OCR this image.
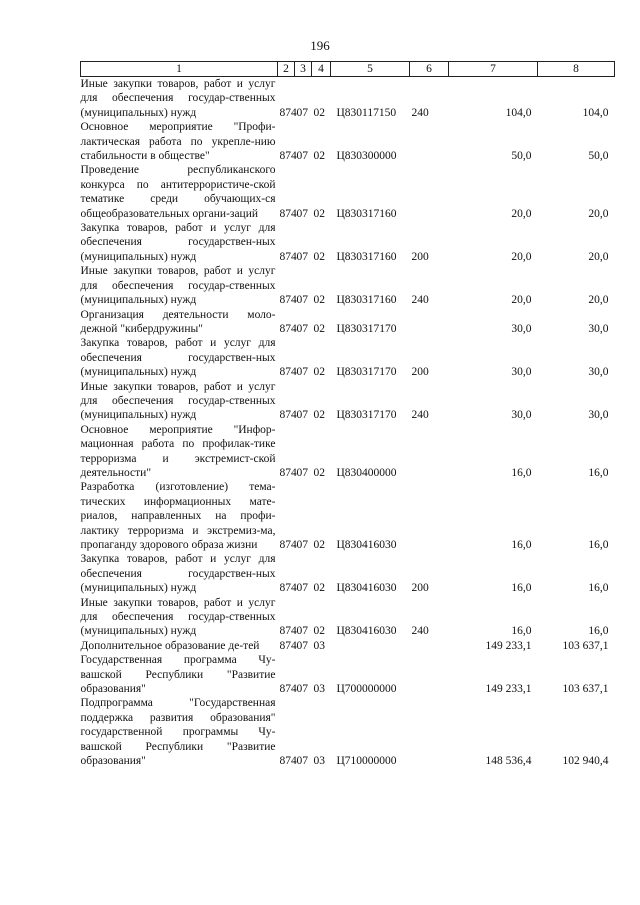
196
1	2	3	4	5	6	7	8
Иные закупки товаров, работ и услуг для обеспечения государ-ственных (муниципальных) нужд	874	07	02	Ц830117150	240	104,0	104,0
Основное мероприятие "Профи-лактическая работа по укрепле-нию стабильности в обществе"	874	07	02	Ц830300000		50,0	50,0
Проведение республиканского конкурса по антитеррористиче-ской тематике среди обучающих-ся общеобразовательных органи-заций	874	07	02	Ц830317160		20,0	20,0
Закупка товаров, работ и услуг для обеспечения государствен-ных (муниципальных) нужд	874	07	02	Ц830317160	200	20,0	20,0
Иные закупки товаров, работ и услуг для обеспечения государ-ственных (муниципальных) нужд	874	07	02	Ц830317160	240	20,0	20,0
Организация деятельности моло-дежной "кибердружины"	874	07	02	Ц830317170		30,0	30,0
Закупка товаров, работ и услуг для обеспечения государствен-ных (муниципальных) нужд	874	07	02	Ц830317170	200	30,0	30,0
Иные закупки товаров, работ и услуг для обеспечения государ-ственных (муниципальных) нужд	874	07	02	Ц830317170	240	30,0	30,0
Основное мероприятие "Инфор-мационная работа по профилак-тике терроризма и экстремист-ской деятельности"	874	07	02	Ц830400000		16,0	16,0
Разработка (изготовление) тема-тических информационных мате-риалов, направленных на профи-лактику терроризма и экстремиз-ма, пропаганду здорового образа жизни	874	07	02	Ц830416030		16,0	16,0
Закупка товаров, работ и услуг для обеспечения государствен-ных (муниципальных) нужд	874	07	02	Ц830416030	200	16,0	16,0
Иные закупки товаров, работ и услуг для обеспечения государ-ственных (муниципальных) нужд	874	07	02	Ц830416030	240	16,0	16,0
Дополнительное образование де-тей	874	07	03			149 233,1	103 637,1
Государственная программа Чу-вашской Республики "Развитие образования"	874	07	03	Ц700000000		149 233,1	103 637,1
Подпрограмма "Государственная поддержка развития образования" государственной программы Чу-вашской Республики "Развитие образования"	874	07	03	Ц710000000		148 536,4	102 940,4
